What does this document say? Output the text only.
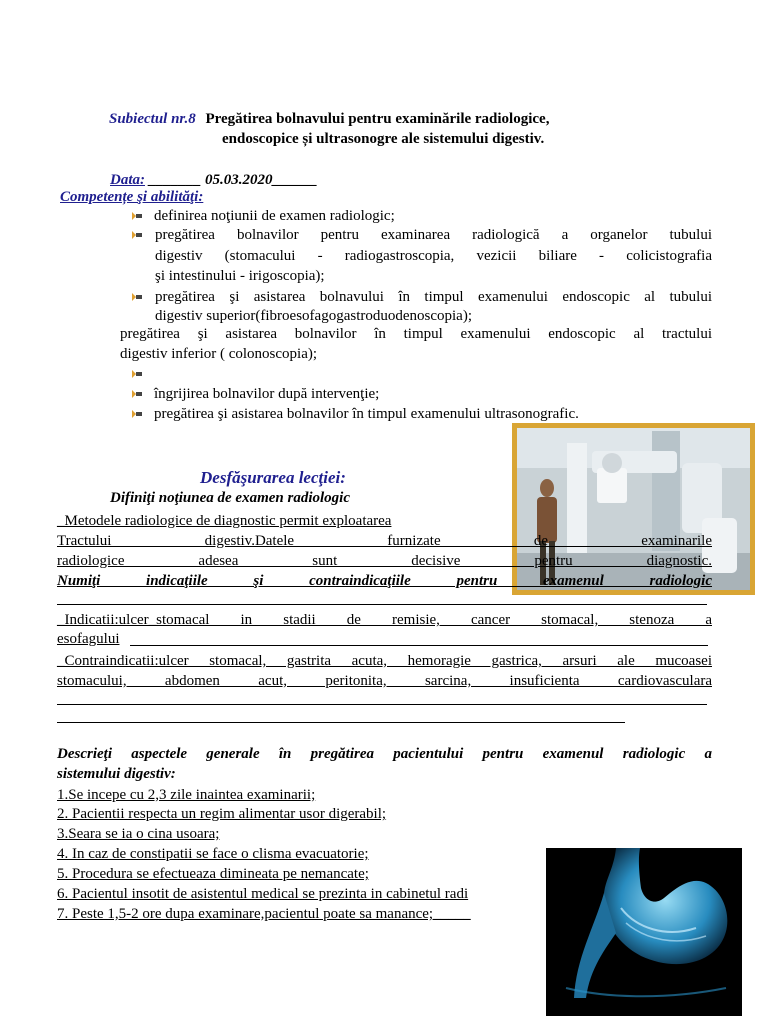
Subiectul nr.8 Pregătirea bolnavului pentru examinările radiologice,
endoscopice și ultrasonogre ale sistemului digestiv.
Data: _______ 05.03.2020______
Competențe şi abilităţi:
definirea noţiunii de examen radiologic;
pregătirea bolnavilor pentru examinarea radiologică a organelor tubului
digestiv (stomacului - radiogastroscopia, vezicii biliare - colicistografia
şi intestinului - irigoscopia);
pregătirea şi asistarea bolnavului în timpul examenului endoscopic al tubului
digestiv superior(fibroesofagogastroduodenoscopia);
pregătirea şi asistarea bolnavilor în timpul examenului endoscopic al tractului
digestiv inferior ( colonoscopia);
îngrijirea bolnavilor după intervenţie;
pregătirea şi asistarea bolnavilor în timpul examenului ultrasonografic.
Desfăşurarea lecţiei:
Difiniţi noţiunea de examen radiologic
_Metodele radiologice de diagnostic permit exploatarea
Tractului digestiv.Datele furnizate de examinarile
radiologice adesea sunt decisive pentru diagnostic.
Numiţi indicaţiile şi contraindicaţiile pentru examenul radiologic
_Indicatii:ulcer_stomacal in stadii de remisie, cancer stomacal, stenoza a
esofagului
_Contraindicatii:ulcer stomacal, gastrita acuta, hemoragie gastrica, arsuri ale mucoasei
stomacului, abdomen acut, peritonita, sarcina, insuficienta cardiovasculara
Descrieţi aspectele generale în pregătirea pacientului pentru examenul radiologic a
sistemului digestiv:
1.Se incepe cu 2,3 zile inaintea examinarii;
2. Pacientii respecta un regim alimentar usor digerabil;
3.Seara se ia o cina usoara;
4. In caz de constipatii se face o clisma evacuatorie;
5. Procedura se efectueaza dimineata pe nemancate;
6. Pacientul insotit de asistentul medical se prezinta in cabinetul radi
7. Peste 1,5-2 ore dupa examinare,pacientul poate sa manance;_____
